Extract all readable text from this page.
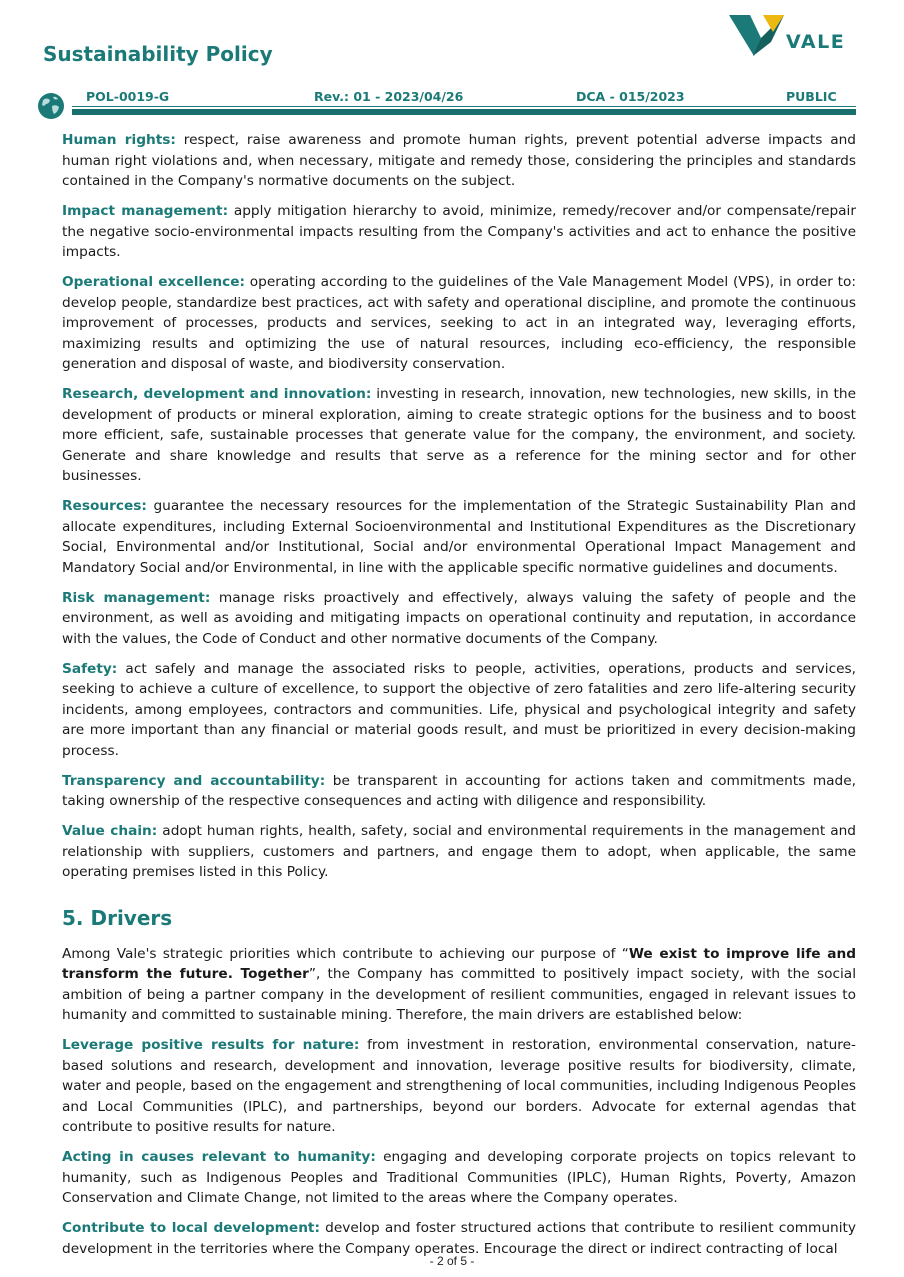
Sustainability Policy	VALE
POL-0019-G	Rev.: 01 - 2023/04/26	DCA - 015/2023	PUBLIC

Human rights: respect, raise awareness and promote human rights, prevent potential adverse impacts and human right violations and, when necessary, mitigate and remedy those, considering the principles and standards contained in the Company's normative documents on the subject.

Impact management: apply mitigation hierarchy to avoid, minimize, remedy/recover and/or compensate/repair the negative socio-environmental impacts resulting from the Company's activities and act to enhance the positive impacts.

Operational excellence: operating according to the guidelines of the Vale Management Model (VPS), in order to: develop people, standardize best practices, act with safety and operational discipline, and promote the continuous improvement of processes, products and services, seeking to act in an integrated way, leveraging efforts, maximizing results and optimizing the use of natural resources, including eco-efficiency, the responsible generation and disposal of waste, and biodiversity conservation.

Research, development and innovation: investing in research, innovation, new technologies, new skills, in the development of products or mineral exploration, aiming to create strategic options for the business and to boost more efficient, safe, sustainable processes that generate value for the company, the environment, and society. Generate and share knowledge and results that serve as a reference for the mining sector and for other businesses.

Resources: guarantee the necessary resources for the implementation of the Strategic Sustainability Plan and allocate expenditures, including External Socioenvironmental and Institutional Expenditures as the Discretionary Social, Environmental and/or Institutional, Social and/or environmental Operational Impact Management and Mandatory Social and/or Environmental, in line with the applicable specific normative guidelines and documents.

Risk management: manage risks proactively and effectively, always valuing the safety of people and the environment, as well as avoiding and mitigating impacts on operational continuity and reputation, in accordance with the values, the Code of Conduct and other normative documents of the Company.

Safety: act safely and manage the associated risks to people, activities, operations, products and services, seeking to achieve a culture of excellence, to support the objective of zero fatalities and zero life-altering security incidents, among employees, contractors and communities. Life, physical and psychological integrity and safety are more important than any financial or material goods result, and must be prioritized in every decision-making process.

Transparency and accountability: be transparent in accounting for actions taken and commitments made, taking ownership of the respective consequences and acting with diligence and responsibility.

Value chain: adopt human rights, health, safety, social and environmental requirements in the management and relationship with suppliers, customers and partners, and engage them to adopt, when applicable, the same operating premises listed in this Policy.

5. Drivers

Among Vale's strategic priorities which contribute to achieving our purpose of “We exist to improve life and transform the future. Together”, the Company has committed to positively impact society, with the social ambition of being a partner company in the development of resilient communities, engaged in relevant issues to humanity and committed to sustainable mining. Therefore, the main drivers are established below:

Leverage positive results for nature: from investment in restoration, environmental conservation, nature-based solutions and research, development and innovation, leverage positive results for biodiversity, climate, water and people, based on the engagement and strengthening of local communities, including Indigenous Peoples and Local Communities (IPLC), and partnerships, beyond our borders. Advocate for external agendas that contribute to positive results for nature.

Acting in causes relevant to humanity: engaging and developing corporate projects on topics relevant to humanity, such as Indigenous Peoples and Traditional Communities (IPLC), Human Rights, Poverty, Amazon Conservation and Climate Change, not limited to the areas where the Company operates.

Contribute to local development: develop and foster structured actions that contribute to resilient community development in the territories where the Company operates. Encourage the direct or indirect contracting of local

- 2 of 5 -
